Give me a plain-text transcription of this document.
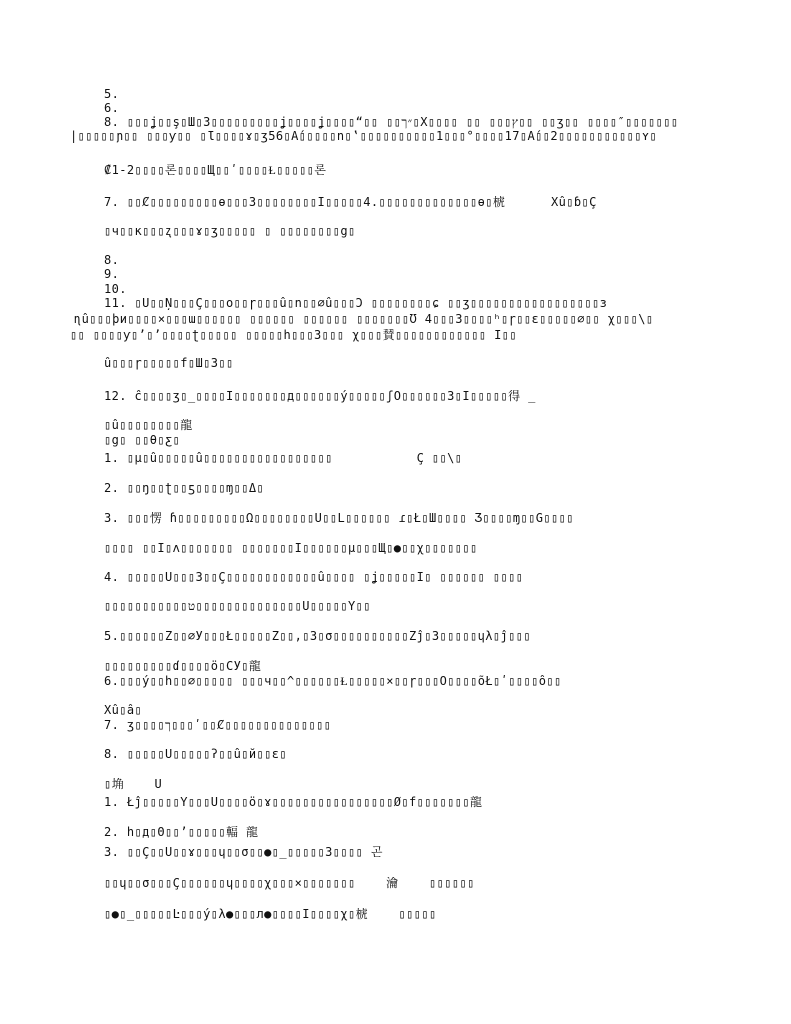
5.
6.
8. ▯▯▯ʝ▯▯ş▯Ш▯3▯▯▯▯▯▯▯▯▯ʝ▯▯▯▯ʝ▯▯▯▯“▯▯ ▯▯״ך▯Χ▯▯▯▯ ▯▯ ▯▯▯ץ▯▯ ▯▯ʒ▯▯ ▯▯▯▯″▯▯▯▯▯▯▯
|▯▯▯▯▯ɲ▯▯ ▯▯▯ƴ▯▯ ▯Ɩ▯▯▯▯ɤ▯ʒ56▯Ấ▯▯▯▯▯n▯‛▯▯▯▯▯▯▯▯▯▯1▯▯▯°▯▯▯▯17▯Ấ▯▯2▯▯▯▯▯▯▯▯▯▯▯ʏ▯
₡1-2▯▯▯▯론▯▯▯▯Щ▯▯ʹ▯▯▯▯Ɫ▯▯▯▯▯론
7. ▯▯Ȼ▯▯▯▯▯▯▯▯▯ɵ▯▯▯3▯▯▯▯▯▯▯▯Ī▯▯▯▯▯4.▯▯▯▯▯▯▯▯▯▯▯▯▯ɵ▯椃      Χû▯ɓ▯Ç
▯ч▯▯ĸ▯▯▯ʐ▯▯▯ɤ▯ʒ▯▯▯▯▯ ▯ ▯▯▯▯▯▯▯▯g▯
8.
9.
10.
11. ▯U▯▯Ņ▯▯▯Ç▯▯▯o▯▯ɼ▯▯▯û▯n▯▯∅û▯▯▯Ɔ ▯▯▯▯▯▯▯▯ɕ ▯▯ʒ▯▯▯▯▯▯▯▯▯▯▯▯▯▯▯▯▯ɜ
ɳû▯▯▯þи▯▯▯▯×▯▯▯ɯ▯▯▯▯▯▯ ▯▯▯▯▯▯ ▯▯▯▯▯▯ ▯▯▯▯▯▯▯Ʊ 4▯▯▯3▯▯▯▯ʰ▯ɼ▯▯ɛ▯▯▯▯▯∅▯▯ χ▯▯▯\▯
▯▯ ▯▯▯▯ƴ▯ʼ▯ʼ▯▯▯▯ʈ▯▯▯▯▯ ▯▯▯▯▯h▯▯▯3▯▯▯ χ▯▯▯賛▯▯▯▯▯▯▯▯▯▯▯▯ Ï▯▯
û▯▯▯ɼ▯▯▯▯▯f▯Ш▯3▯▯
12. ĉ▯▯▯▯ʒ▯_▯▯▯▯Ī▯▯▯▯▯▯▯д▯▯▯▯▯▯ý▯▯▯▯▯ʃÖ▯▯▯▯▯▯3▯Ī▯▯▯▯▯得 _
▯û▯▯▯▯▯▯▯▯龍
▯g▯ ▯▯θ▯ƹ▯
1. ▯µ▯û▯▯▯▯▯û▯▯▯▯▯▯▯▯▯▯▯▯▯▯▯▯▯           Ç ▯▯\▯
2. ▯▯ŋ▯▯ʈ▯▯ƽ▯▯▯▯ɱ▯▯Δ▯
3. ▯▯▯愣 ɦ▯▯▯▯▯▯▯▯▯Ω▯▯▯▯▯▯▯▯U▯▯Ĺ▯▯▯▯▯▯ ɾ▯Ł▯Ш▯▯▯▯ Ǯ▯▯▯▯ɱ▯▯Ġ▯▯▯▯
▯▯▯▯ ▯▯Ī▯ʌ▯▯▯▯▯▯▯ ▯▯▯▯▯▯▯Ī▯▯▯▯▯▯µ▯▯▯Щ▯●▯▯χ▯▯▯▯▯▯▯
4. ▯▯▯▯▯U▯▯▯3▯▯Ç▯▯▯▯▯▯▯▯▯▯▯▯û▯▯▯▯ ▯ʝ▯▯▯▯▯Ī▯ ▯▯▯▯▯▯ ▯▯▯▯
▯▯▯▯▯▯▯▯▯▯▯ט▯▯▯▯▯▯▯▯▯▯▯▯▯▯U▯▯▯▯▯Ÿ▯▯
5.▯▯▯▯▯▯Z▯▯∅Ӱ▯▯▯Ł▯▯▯▯▯Z▯▯,▯3▯σ▯▯▯▯▯▯▯▯▯▯Zĵ▯3▯▯▯▯▯ɥλ▯ĵ▯▯▯
▯▯▯▯▯▯▯▯▯ɗ▯▯▯▯ö▯CӰ▯龍
6.▯▯▯ý▯▯h▯▯∅▯▯▯▯▯ ▯▯▯ч▯▯^▯▯▯▯▯▯Ɫ▯▯▯▯▯×▯▯ɼ▯▯▯Ö▯▯▯▯õŁ▯ʹ▯▯▯▯ô▯▯
Χû▯â▯
7. ʒ▯▯▯▯ך▯▯▯ʹ▯▯Ȼ▯▯▯▯▯▯▯▯▯▯▯▯▯▯
8. ▯▯▯▯▯U▯▯▯▯▯ʔ▯▯û▯й▯▯ɛ▯
▯埆    U
1. Łĵ▯▯▯▯▯Ÿ▯▯▯U▯▯▯▯ö▯ɤ▯▯▯▯▯▯▯▯▯▯▯▯▯▯▯▯Ø▯f▯▯▯▯▯▯▯龍
2. h▯д▯Θ▯▯’▯▯▯▯▯輻 龍
3. ▯▯Ç▯▯U▯▯ɤ▯▯▯ɥ▯▯σ▯▯●▯_▯▯▯▯▯3▯▯▯▯ 곤
▯▯ɥ▯▯σ▯▯▯Ç▯▯▯▯▯▯ɥ▯▯▯▯χ▯▯▯×▯▯▯▯▯▯▯    瀹    ▯▯▯▯▯▯
▯●▯_▯▯▯▯▯Ŀ▯▯▯ý▯λ●▯▯▯л●▯▯▯▯Ī▯▯▯▯χ▯椃    ▯▯▯▯▯
